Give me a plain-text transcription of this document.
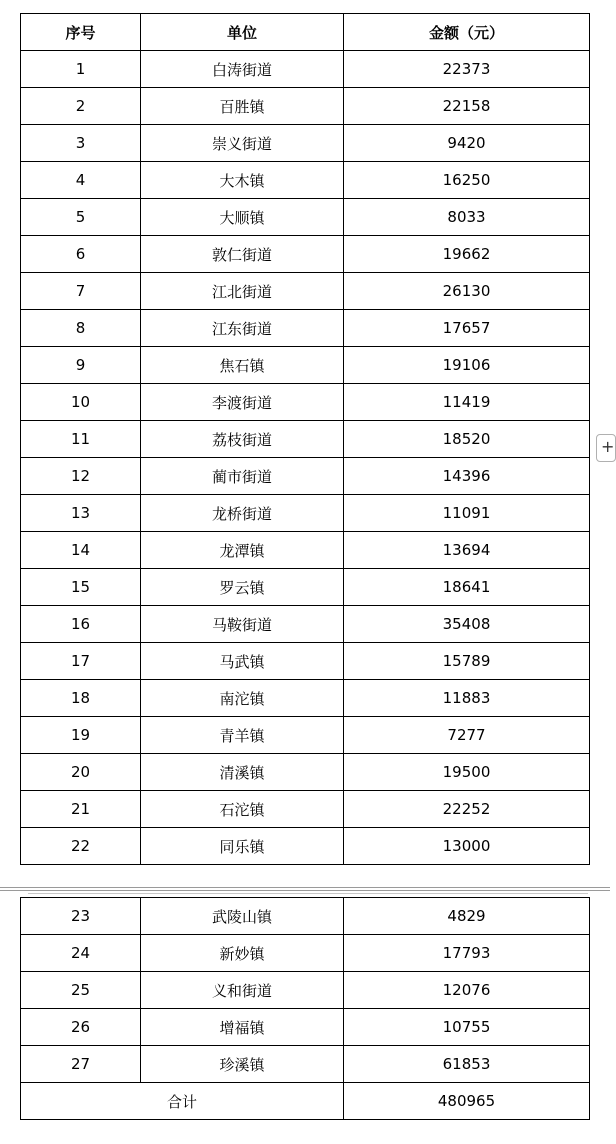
序号	单位	金额（元）
1	白涛街道	22373
2	百胜镇	22158
3	崇义街道	9420
4	大木镇	16250
5	大顺镇	8033
6	敦仁街道	19662
7	江北街道	26130
8	江东街道	17657
9	焦石镇	19106
10	李渡街道	11419
11	荔枝街道	18520
12	蔺市街道	14396
13	龙桥街道	11091
14	龙潭镇	13694
15	罗云镇	18641
16	马鞍街道	35408
17	马武镇	15789
18	南沱镇	11883
19	青羊镇	7277
20	清溪镇	19500
21	石沱镇	22252
22	同乐镇	13000
23	武陵山镇	4829
24	新妙镇	17793
25	义和街道	12076
26	增福镇	10755
27	珍溪镇	61853
合计		480965
+
